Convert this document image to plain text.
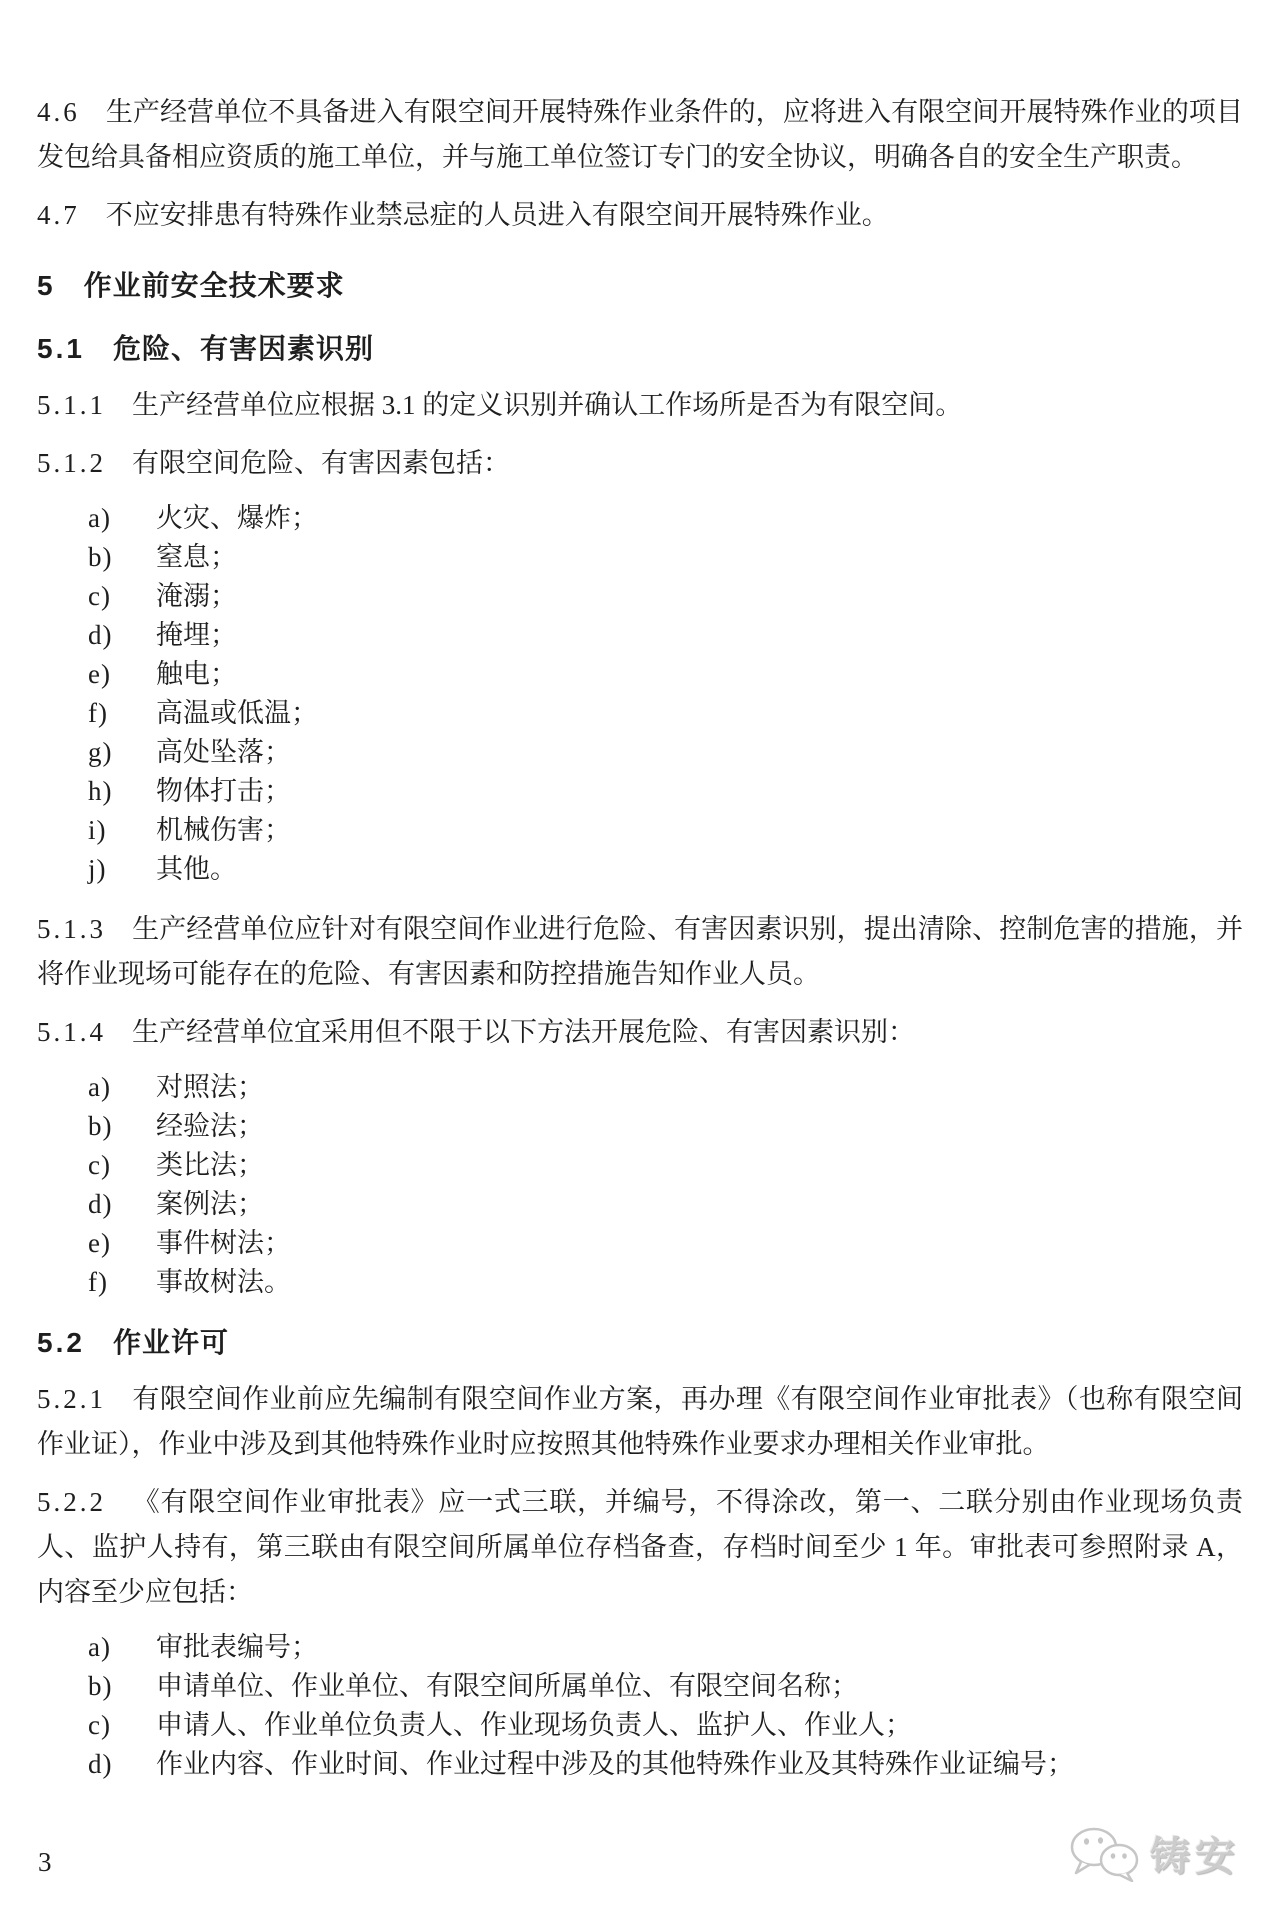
4.6 生产经营单位不具备进入有限空间开展特殊作业条件的，应将进入有限空间开展特殊作业的项目发包给具备相应资质的施工单位，并与施工单位签订专门的安全协议，明确各自的安全生产职责。

4.7 不应安排患有特殊作业禁忌症的人员进入有限空间开展特殊作业。

5 作业前安全技术要求
5.1 危险、有害因素识别

5.1.1 生产经营单位应根据 3.1 的定义识别并确认工作场所是否为有限空间。

5.1.2 有限空间危险、有害因素包括：

a) 火灾、爆炸；
b) 窒息；
c) 淹溺；
d) 掩埋；
e) 触电；
f) 高温或低温；
g) 高处坠落；
h) 物体打击；
i) 机械伤害；
j) 其他。

5.1.3 生产经营单位应针对有限空间作业进行危险、有害因素识别，提出清除、控制危害的措施，并将作业现场可能存在的危险、有害因素和防控措施告知作业人员。

5.1.4 生产经营单位宜采用但不限于以下方法开展危险、有害因素识别：

a) 对照法；
b) 经验法；
c) 类比法；
d) 案例法；
e) 事件树法；
f) 事故树法。
5.2 作业许可

5.2.1 有限空间作业前应先编制有限空间作业方案，再办理《有限空间作业审批表》（也称有限空间作业证），作业中涉及到其他特殊作业时应按照其他特殊作业要求办理相关作业审批。

5.2.2 《有限空间作业审批表》应一式三联，并编号，不得涂改，第一、二联分别由作业现场负责人、监护人持有，第三联由有限空间所属单位存档备查，存档时间至少 1 年。审批表可参照附录 A，内容至少应包括：

a) 审批表编号；
b) 申请单位、作业单位、有限空间所属单位、有限空间名称；
c) 申请人、作业单位负责人、作业现场负责人、监护人、作业人；
d) 作业内容、作业时间、作业过程中涉及的其他特殊作业及其特殊作业证编号；
3	铸安
